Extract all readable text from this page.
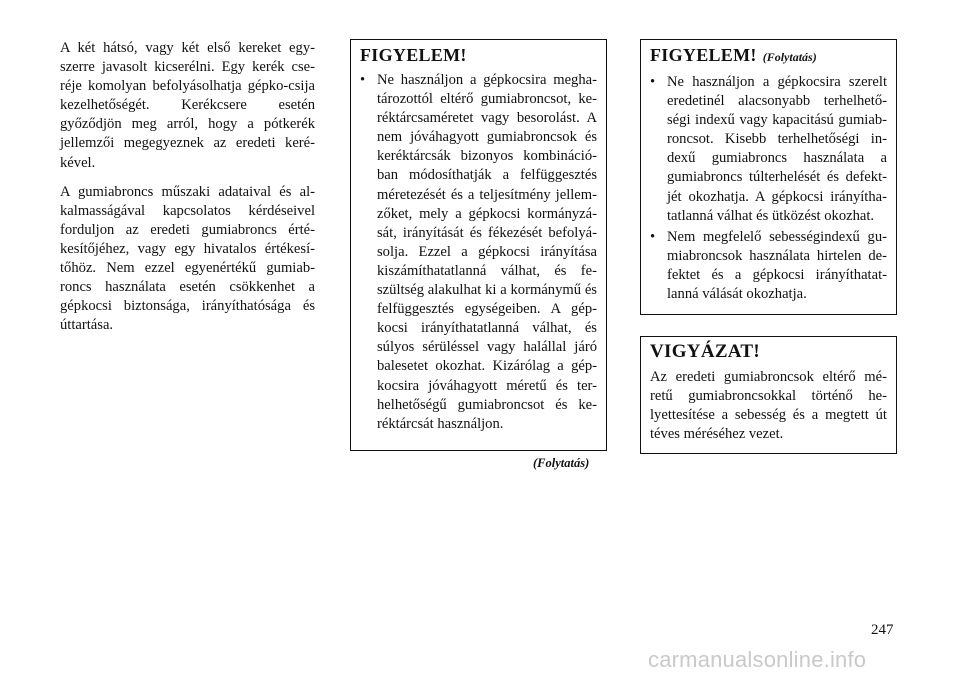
A két hátsó, vagy két első kereket egy-szerre javasolt kicserélni. Egy kerék cse-réje komolyan befolyásolhatja gépko-csija kezelhetőségét. Kerékcsere esetén győződjön meg arról, hogy a pótkerék jellemzői megegyeznek az eredeti keré-kével.

A gumiabroncs műszaki adataival és al-kalmasságával kapcsolatos kérdéseivel forduljon az eredeti gumiabroncs érté-kesítőjéhez, vagy egy hivatalos értékesí-tőhöz. Nem ezzel egyenértékű gumiab-roncs használata esetén csökkenhet a gépkocsi biztonsága, irányíthatósága és úttartása.

FIGYELEM!
• Ne használjon a gépkocsira megha-tározottól eltérő gumiabroncsot, ke-réktárcsaméretet vagy besorolást. A nem jóváhagyott gumiabroncsok és keréktárcsák bizonyos kombináció-ban módosíthatják a felfüggesztés méretezését és a teljesítmény jellem-zőket, mely a gépkocsi kormányzá-sát, irányítását és fékezését befolyá-solja. Ezzel a gépkocsi irányítása kiszámíthatatlanná válhat, és fe-szültség alakulhat ki a kormánymű és felfüggesztés egységeiben. A gép-kocsi irányíthatatlanná válhat, és súlyos sérüléssel vagy halállal járó balesetet okozhat. Kizárólag a gép-kocsira jóváhagyott méretű és ter-helhetőségű gumiabroncsot és ke-réktárcsát használjon.
(Folytatás)
FIGYELEM! (Folytatás)
• Ne használjon a gépkocsira szerelt eredetinél alacsonyabb terhelhető-ségi indexű vagy kapacitású gumiab-roncsot. Kisebb terhelhetőségi in-dexű gumiabroncs használata a gumiabroncs túlterhelését és defekt-jét okozhatja. A gépkocsi irányítha-tatlanná válhat és ütközést okozhat.
• Nem megfelelő sebességindexű gu-miabroncsok használata hirtelen de-fektet és a gépkocsi irányíthatat-lanná válását okozhatja.
VIGYÁZAT!

Az eredeti gumiabroncsok eltérő mé-retű gumiabroncsokkal történő he-lyettesítése a sebesség és a megtett út téves méréséhez vezet.

247
carmanualsonline.info
